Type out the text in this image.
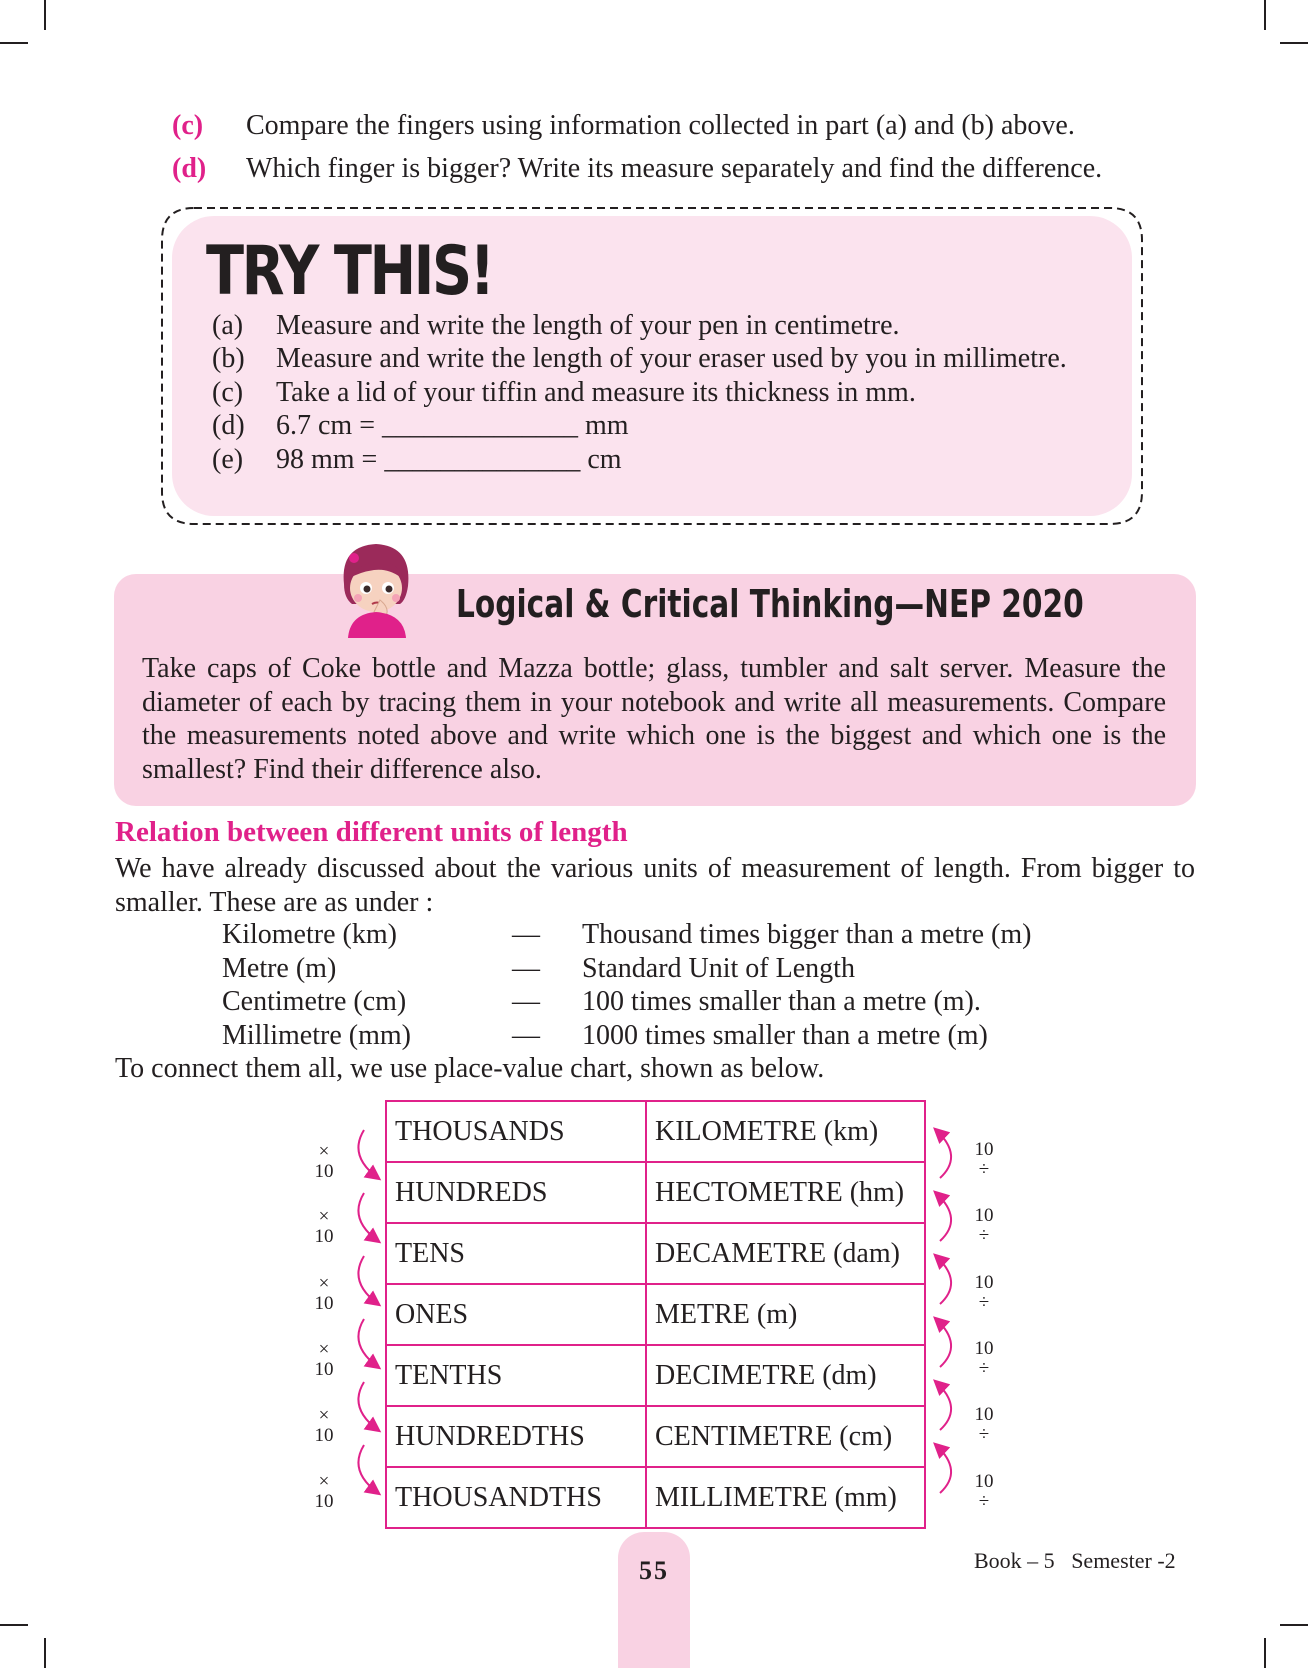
(c) Compare the fingers using information collected in part (a) and (b) above.
(d) Which finger is bigger? Write its measure separately and find the difference.
TRY THIS!
(a) Measure and write the length of your pen in centimetre.
(b) Measure and write the length of your eraser used by you in millimetre.
(c) Take a lid of your tiffin and measure its thickness in mm.
(d) 6.7 cm = ______________ mm
(e) 98 mm = ______________ cm
Logical & Critical Thinking—NEP 2020
Take caps of Coke bottle and Mazza bottle; glass, tumbler and salt server. Measure the diameter of each by tracing them in your notebook and write all measurements. Compare the measurements noted above and write which one is the biggest and which one is the smallest? Find their difference also.
Relation between different units of length
We have already discussed about the various units of measurement of length. From bigger to smaller. These are as under :
Kilometre (km)	— Thousand times bigger than a metre (m)
Metre (m)	— Standard Unit of Length
Centimetre (cm)	— 100 times smaller than a metre (m).
Millimetre (mm)	— 1000 times smaller than a metre (m)
To connect them all, we use place-value chart, shown as below.
THOUSANDS	KILOMETRE (km)
HUNDREDS	HECTOMETRE (hm)
TENS	DECAMETRE (dam)
ONES	METRE (m)
TENTHS	DECIMETRE (dm)
HUNDREDTHS	CENTIMETRE (cm)
THOUSANDTHS	MILLIMETRE (mm)
×
10
×
10
×
10
×
10
×
10
×
10
10
÷
10
÷
10
÷
10
÷
10
÷
10
÷
55	Book – 5 Semester -2
